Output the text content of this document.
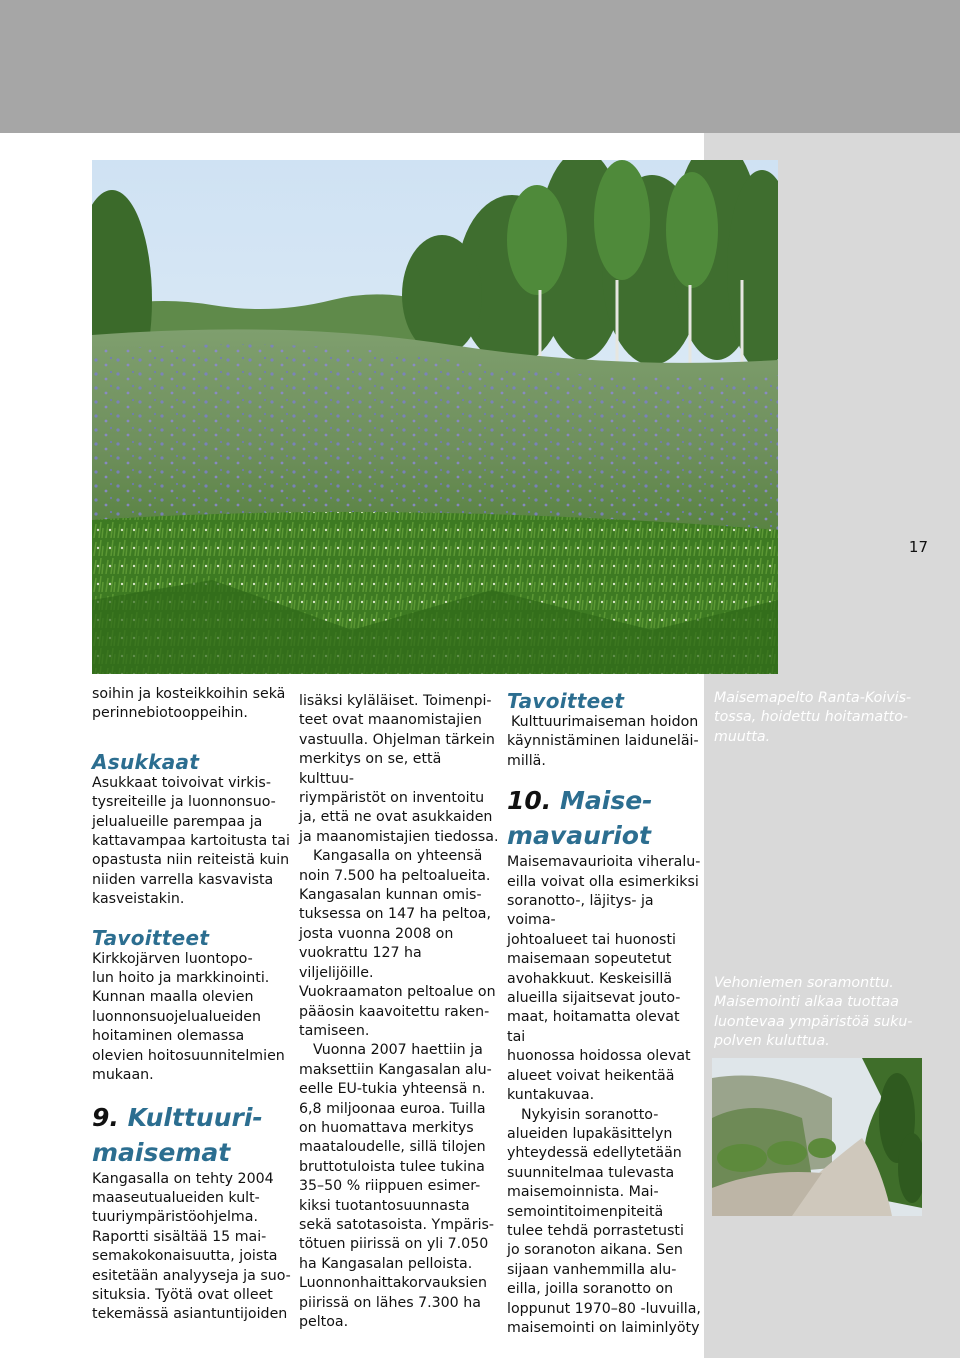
17

soihin ja kosteikkoihin sekä

perinnebiotooppeihin.

Asukkaat

Asukkaat toivoivat virkis-

tysreiteille ja luonnonsuo-

jelualueille parempaa ja

kattavampaa kartoitusta tai

opastusta niin reiteistä kuin

niiden varrella kasvavista

kasveistakin.

Tavoitteet

Kirkkojärven luontopo-

lun hoito ja markkinointi.

Kunnan maalla olevien

luonnonsuojelualueiden

hoitaminen olemassa

olevien hoitosuunnitelmien

mukaan.

9. Kulttuuri-

maisemat

Kangasalla on tehty 2004

maaseutualueiden kult-

tuuriympäristöohjelma.

Raportti sisältää 15 mai-

semakokonaisuutta, joista

esitetään analyyseja ja suo-

situksia. Työtä ovat olleet

tekemässä asiantuntijoiden

lisäksi kyläläiset. Toimenpi-

teet ovat maanomistajien

vastuulla. Ohjelman tärkein

merkitys on se, että kulttuu-

riympäristöt on inventoitu

ja, että ne ovat asukkaiden

ja maanomistajien tiedossa.

Kangasalla on yhteensä

noin 7.500 ha peltoalueita.

Kangasalan kunnan omis-

tuksessa on 147 ha peltoa,

josta vuonna 2008 on

vuokrattu 127 ha viljelijöille.

Vuokraamaton peltoalue on

pääosin kaavoitettu raken-

tamiseen.

Vuonna 2007 haettiin ja

maksettiin Kangasalan alu-

eelle EU-tukia yhteensä n.

6,8 miljoonaa euroa. Tuilla

on huomattava merkitys

maataloudelle, sillä tilojen

bruttotuloista tulee tukina

35–50 % riippuen esimer-

kiksi tuotantosuunnasta

sekä satotasoista. Ympäris-

tötuen piirissä on yli 7.050

ha Kangasalan pelloista.

Luonnonhaittakorvauksien

piirissä on lähes 7.300 ha

peltoa.

Tavoitteet

Kulttuurimaiseman hoidon

käynnistäminen laiduneläi-

millä.

10. Maise-

mavauriot

Maisemavaurioita viheralu-

eilla voivat olla esimerkiksi

soranotto-, läjitys- ja voima-

johtoalueet tai huonosti

maisemaan sopeutetut

avohakkuut. Keskeisillä

alueilla sijaitsevat jouto-

maat, hoitamatta olevat tai

huonossa hoidossa olevat

alueet voivat heikentää

kuntakuvaa.

Nykyisin soranotto-

alueiden lupakäsittelyn

yhteydessä edellytetään

suunnitelmaa tulevasta

maisemoinnista. Mai-

semointitoimenpiteitä

tulee tehdä porrastetusti

jo soranoton aikana. Sen

sijaan vanhemmilla alu-

eilla, joilla soranotto on

loppunut 1970–80 -luvuilla,

maisemointi on laiminlyöty

Maisemapelto Ranta-Koivis-

tossa, hoidettu hoitamatto-

muutta.

Vehoniemen soramonttu.

Maisemointi alkaa tuottaa

luontevaa ympäristöä suku-

polven kuluttua.
